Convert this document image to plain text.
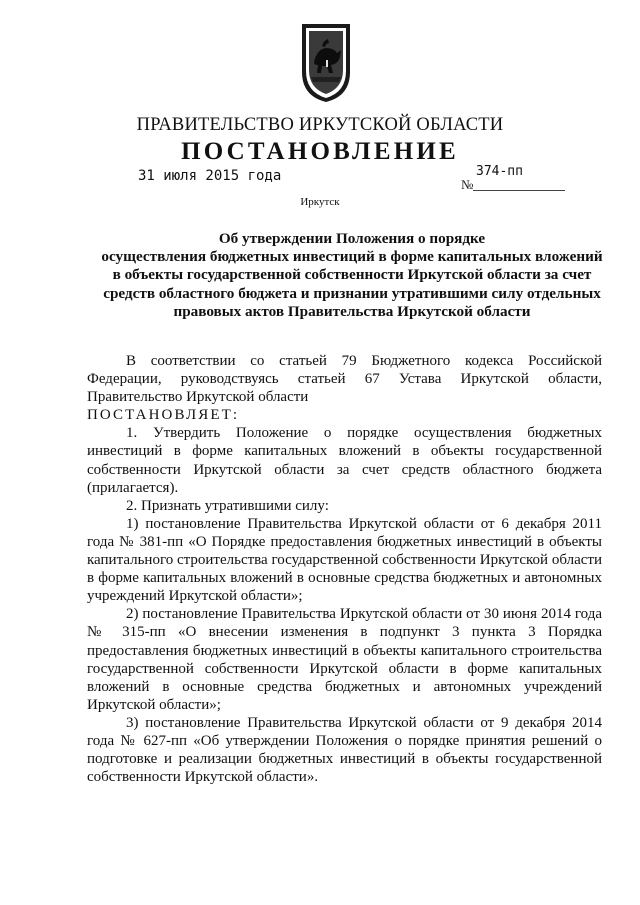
ПРАВИТЕЛЬСТВО ИРКУТСКОЙ ОБЛАСТИ
ПОСТАНОВЛЕНИЕ
31 июля 2015 года	374-пп
№
Иркутск
Об утверждении Положения о порядке
осуществления бюджетных инвестиций в форме капитальных вложений
в объекты государственной собственности Иркутской области за счет
средств областного бюджета и признании утратившими силу отдельных
правовых актов Правительства Иркутской области

В соответствии со статьей 79 Бюджетного кодекса Российской Федерации, руководствуясь статьей 67 Устава Иркутской области, Правительство Иркутской области

ПОСТАНОВЛЯЕТ:

1. Утвердить Положение о порядке осуществления бюджетных инвестиций в форме капитальных вложений в объекты государственной собственности Иркутской области за счет средств областного бюджета (прилагается).

2. Признать утратившими силу:

1) постановление Правительства Иркутской области от 6 декабря 2011 года № 381-пп «О Порядке предоставления бюджетных инвестиций в объекты капитального строительства государственной собственности Иркутской области в форме капитальных вложений в основные средства бюджетных и автономных учреждений Иркутской области»;

2) постановление Правительства Иркутской области от 30 июня 2014 года № 315-пп «О внесении изменения в подпункт 3 пункта 3 Порядка предоставления бюджетных инвестиций в объекты капитального строительства государственной собственности Иркутской области в форме капитальных вложений в основные средства бюджетных и автономных учреждений Иркутской области»;

3) постановление Правительства Иркутской области от 9 декабря 2014 года № 627-пп «Об утверждении Положения о порядке принятия решений о подготовке и реализации бюджетных инвестиций в объекты государственной собственности Иркутской области».
